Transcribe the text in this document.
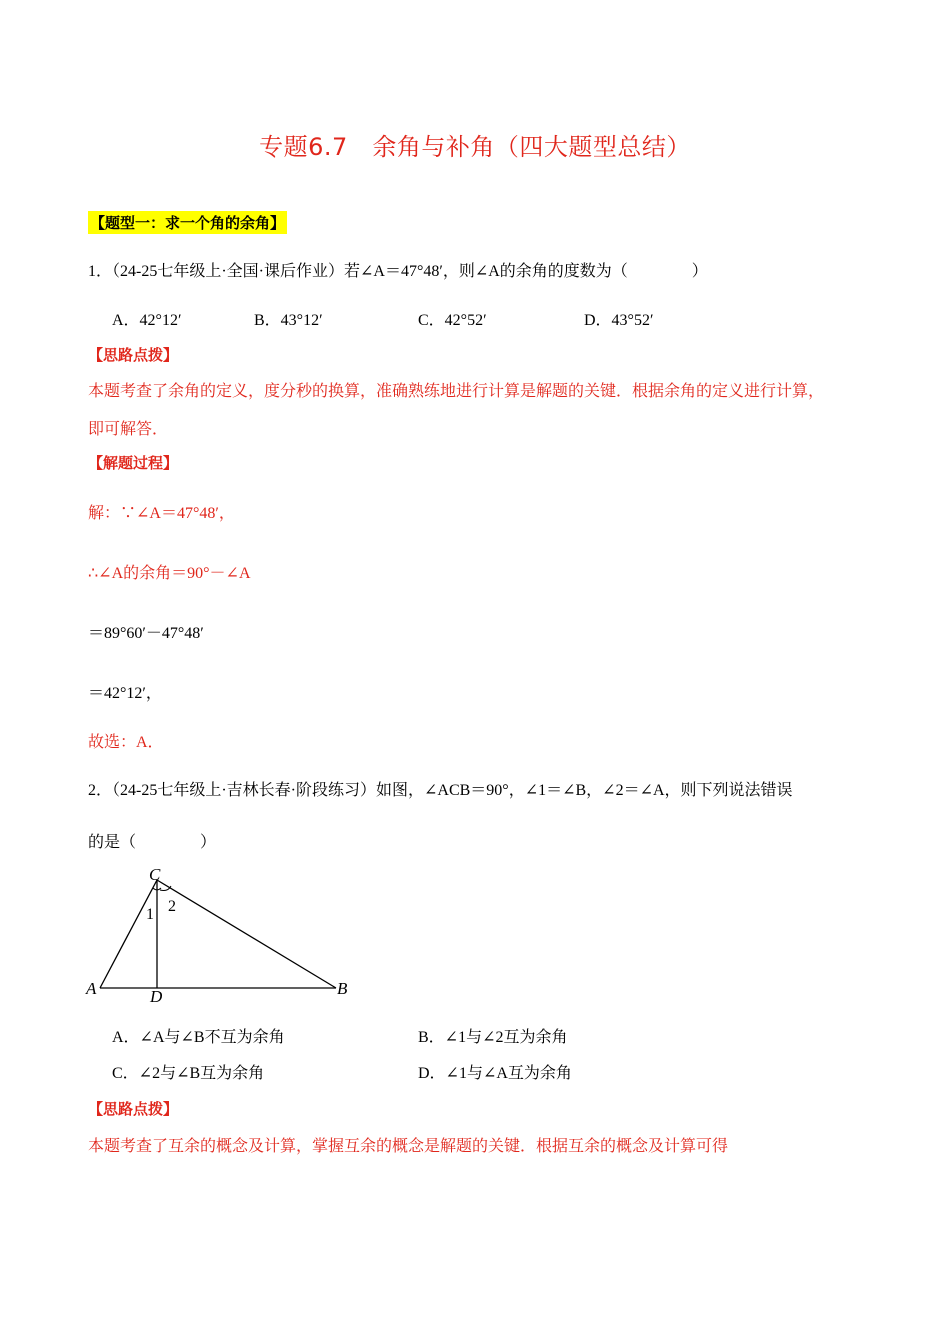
专题6.7　余角与补角（四大题型总结）
【题型一：求一个角的余角】
1．（24-25七年级上·全国·课后作业）若∠A＝47°48′，则∠A的余角的度数为（　　　　）
A．42°12′	B．43°12′	C．42°52′	D．43°52′
【思路点拨】
本题考查了余角的定义，度分秒的换算，准确熟练地进行计算是解题的关键．根据余角的定义进行计算，
即可解答．
【解题过程】
解：∵∠A＝47°48′，
∴∠A的余角＝90°－∠A
＝89°60′－47°48′
＝42°12′，
故选：A．
2．（24-25七年级上·吉林长春·阶段练习）如图，∠ACB＝90°，∠1＝∠B，∠2＝∠A，则下列说法错误
的是（　　　　）
C
A	B
D
1 2
A．∠A与∠B不互为余角	B．∠1与∠2互为余角
C．∠2与∠B互为余角	D．∠1与∠A互为余角
【思路点拨】
本题考查了互余的概念及计算，掌握互余的概念是解题的关键．根据互余的概念及计算可得
